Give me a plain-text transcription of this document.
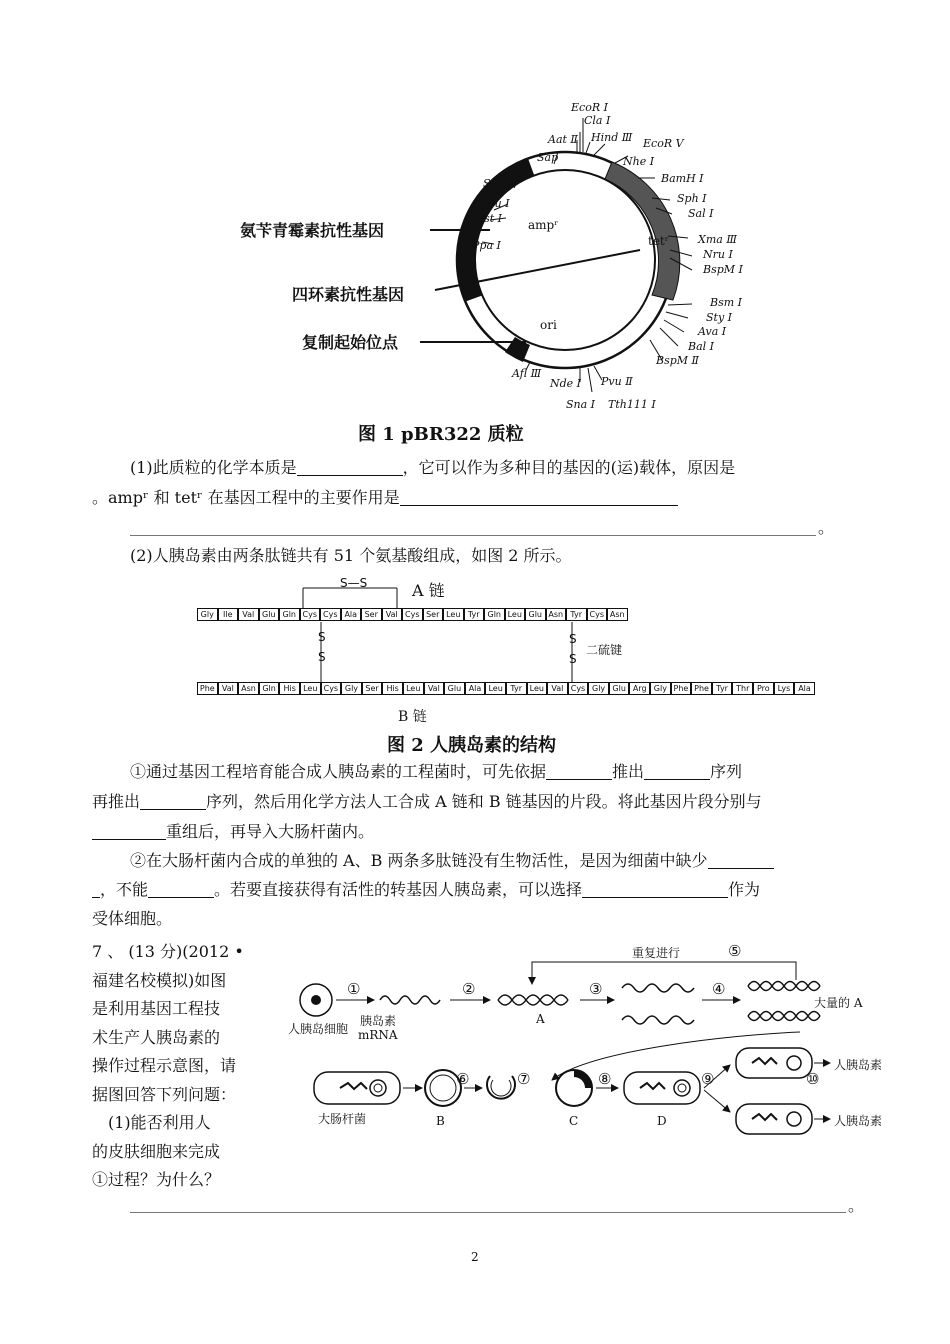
ampʳ
tetʳ
ori
EcoR Ⅰ
Cla Ⅰ
Aat Ⅱ Hind Ⅲ EcoR Ⅴ
Sap	Nhe Ⅰ
BamH Ⅰ
Sca Ⅰ
Sph Ⅰ
Pvu Ⅰ
Sal Ⅰ
Pst Ⅰ
Xma Ⅲ
Ppa Ⅰ
Nru Ⅰ
BspM Ⅰ
Bsm Ⅰ
Sty Ⅰ
Ava Ⅰ
Bal Ⅰ
BspM Ⅱ
Afl Ⅲ
Nde Ⅰ Pvu Ⅱ
Sna Ⅰ Tth111 Ⅰ
氨苄青霉素抗性基因
四环素抗性基因
复制起始位点
图 1 pBR322 质粒
(1)此质粒的化学本质是	，它可以作为多种目的基因的(运)载体，原因是
。ampʳ 和 tetʳ 在基因工程中的主要作用是
。
(2)人胰岛素由两条肽链共有 51 个氨基酸组成，如图 2 所示。
S—S	A 链
Gly	Ile	Val Glu Gln Cys Cys Ala Ser Val Cys Ser Leu Tyr Gln Leu Glu Asn Tyr Cys Asn
Phe Val Asn Gln His Leu Cys Gly Ser His Leu Val Glu Ala Leu Tyr Leu Val Cys Gly Glu Arg Gly Phe Phe Tyr	Thr Pro Lys Ala
S
S
S
S
二硫键
B 链
图 2 人胰岛素的结构
①通过基因工程培育能合成人胰岛素的工程菌时，可先依据	推出	序列
再推出	序列，然后用化学方法人工合成 A 链和 B 链基因的片段。将此基因片段分别与
重组后，再导入大肠杆菌内。
②在大肠杆菌内合成的单独的 A、B 两条多肽链没有生物活性，是因为细菌中缺少
，不能	。若要直接获得有活性的转基因人胰岛素，可以选择	作为
受体细胞。
7 、 (13 分)(2012 •
福建名校模拟)如图
是利用基因工程技
术生产人胰岛素的
操作过程示意图，请
据图回答下列问题：
(1)能否利用人
的皮肤细胞来完成
①过程？为什么？
重复进行	⑤
①	②	③	④
人胰岛细胞
胰岛素
mRNA
A
大量的 A
⑥	⑦	⑧	⑨	⑩
大肠杆菌	B	C	D
人胰岛素
人胰岛素
。
2
